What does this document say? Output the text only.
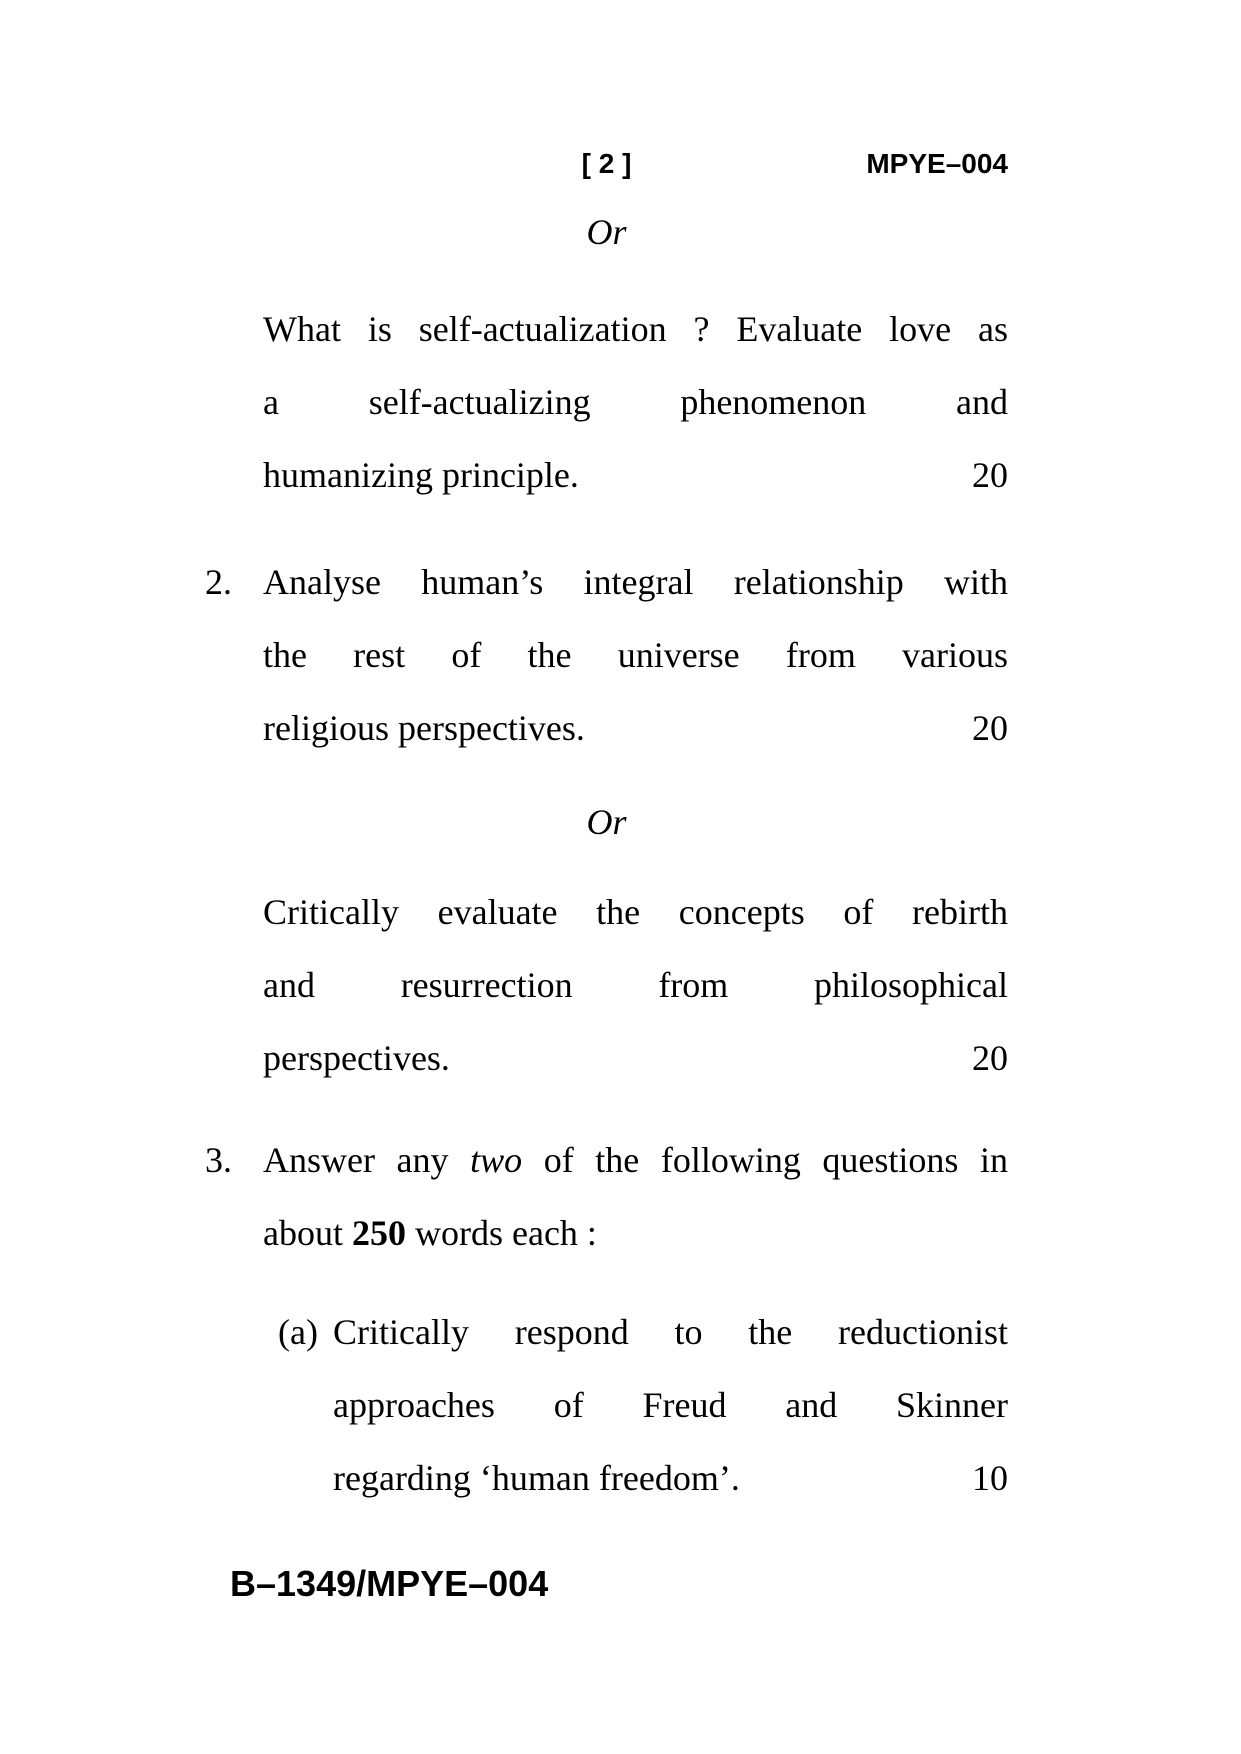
[ 2 ]	MPYE–004
Or
What is self-actualization ? Evaluate love as
a self-actualizing phenomenon and
humanizing principle.	20
2. Analyse human’s integral relationship with
the rest of the universe from various
religious perspectives.	20
Or
Critically evaluate the concepts of rebirth
and resurrection from philosophical
perspectives.	20
3. Answer any two of the following questions in
about 250 words each :
(a) Critically respond to the reductionist
approaches of Freud and Skinner
regarding ‘human freedom’.	10
B–1349/MPYE–004
